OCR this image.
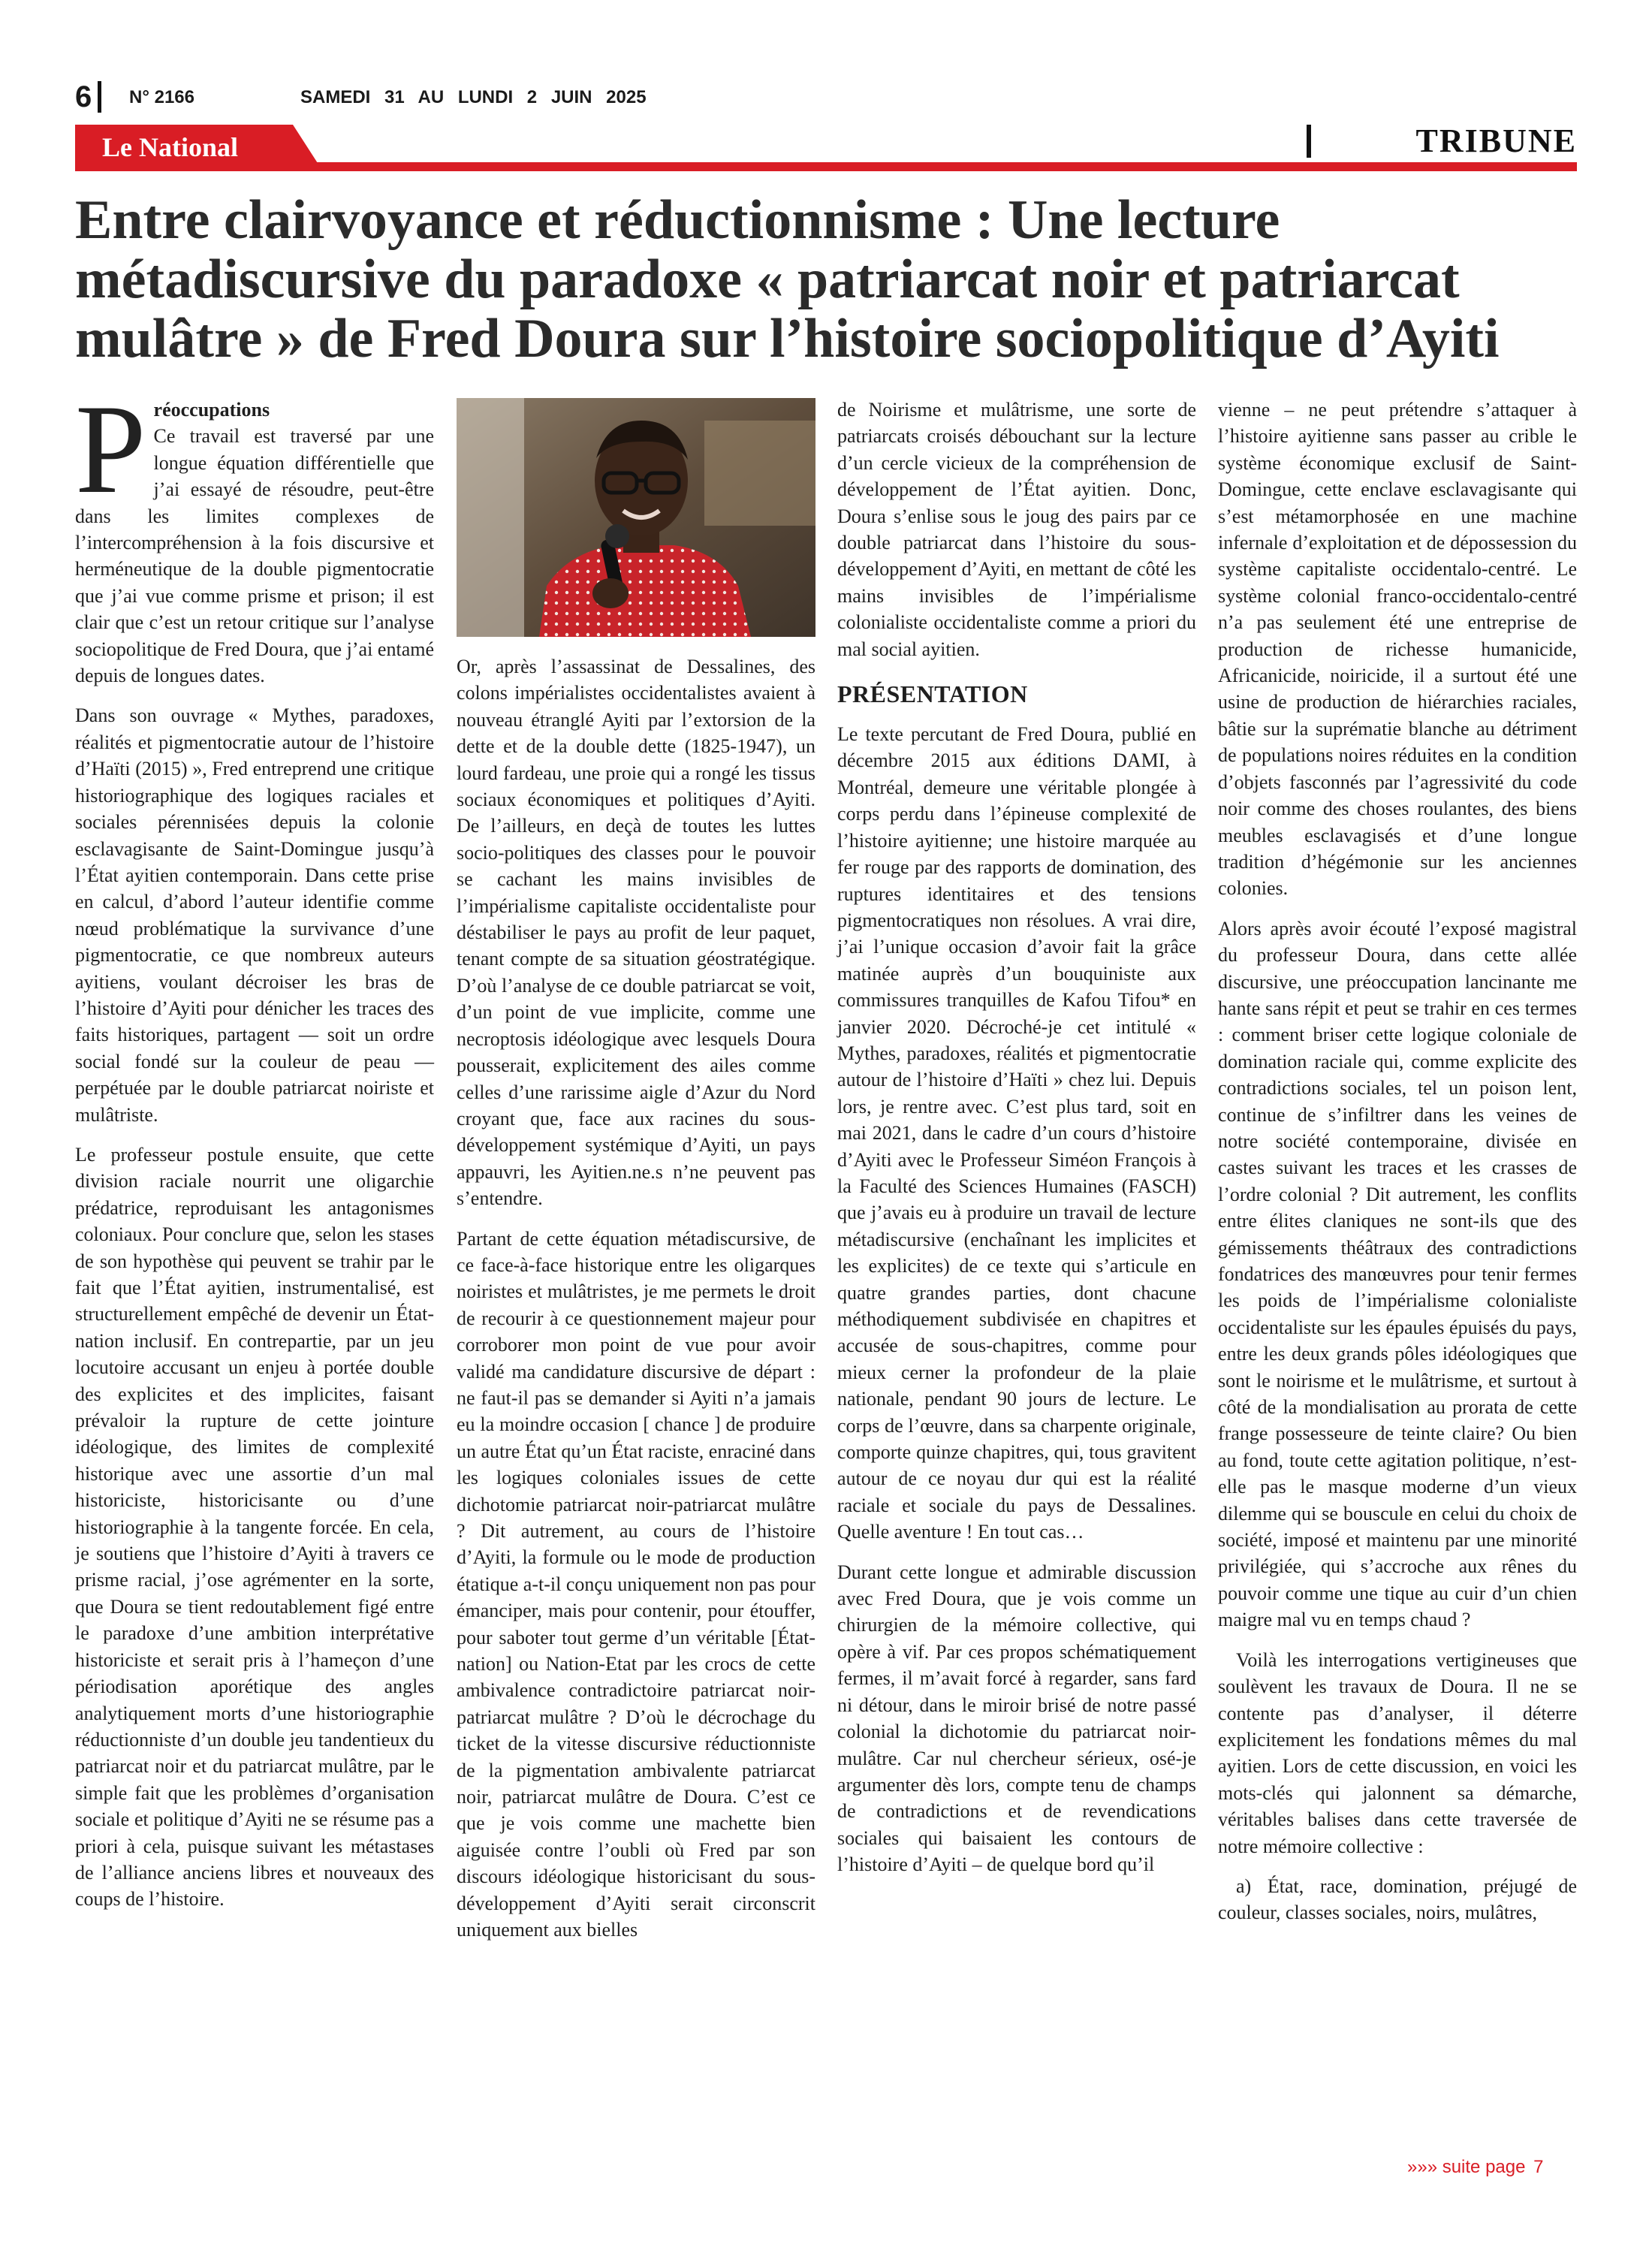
6 N° 2166	SAMEDI 31 AU LUNDI 2 JUIN 2025
Le National	TRIBUNE
Entre clairvoyance et réductionnisme : Une lecture métadiscursive du paradoxe « patriarcat noir et patriarcat mulâtre » de Fred Doura sur l’histoire sociopolitique d’Ayiti

P réoccupations
Ce travail est traversé par une longue équation différentielle que j’ai essayé de résoudre, peut-être dans les limites complexes de l’intercompréhension à la fois discursive et herméneutique de la double pigmentocratie que j’ai vue comme prisme et prison; il est clair que c’est un retour critique sur l’analyse sociopolitique de Fred Doura, que j’ai entamé depuis de longues dates.

Dans son ouvrage « Mythes, paradoxes, réalités et pigmentocratie autour de l’histoire d’Haïti (2015) », Fred entreprend une critique historiographique des logiques raciales et sociales pérennisées depuis la colonie esclavagisante de Saint-Domingue jusqu’à l’État ayitien contemporain. Dans cette prise en calcul, d’abord l’auteur identifie comme nœud problématique la survivance d’une pigmentocratie, ce que nombreux auteurs ayitiens, voulant décroiser les bras de l’histoire d’Ayiti pour dénicher les traces des faits historiques, partagent — soit un ordre social fondé sur la couleur de peau — perpétuée par le double patriarcat noiriste et mulâtriste.

Le professeur postule ensuite, que cette division raciale nourrit une oligarchie prédatrice, reproduisant les antagonismes coloniaux. Pour conclure que, selon les stases de son hypothèse qui peuvent se trahir par le fait que l’État ayitien, instrumentalisé, est structurellement empêché de devenir un État-nation inclusif. En contrepartie, par un jeu locutoire accusant un enjeu à portée double des explicites et des implicites, faisant prévaloir la rupture de cette jointure idéologique, des limites de complexité historique avec une assortie d’un mal historiciste, historicisante ou d’une historiographie à la tangente forcée. En cela, je soutiens que l’histoire d’Ayiti à travers ce prisme racial, j’ose agrémenter en la sorte, que Doura se tient redoutablement figé entre le paradoxe d’une ambition interprétative historiciste et serait pris à l’hameçon d’une périodisation aporétique des angles analytiquement morts d’une historiographie réductionniste d’un double jeu tandentieux du patriarcat noir et du patriarcat mulâtre, par le simple fait que les problèmes d’organisation sociale et politique d’Ayiti ne se résume pas a priori à cela, puisque suivant les métastases de l’alliance anciens libres et nouveaux des coups de l’histoire.

Or, après l’assassinat de Dessalines, des colons impérialistes occidentalistes avaient à nouveau étranglé Ayiti par l’extorsion de la dette et de la double dette (1825-1947), un lourd fardeau, une proie qui a rongé les tissus sociaux économiques et politiques d’Ayiti. De l’ailleurs, en deçà de toutes les luttes socio-politiques des classes pour le pouvoir se cachant les mains invisibles de l’impérialisme capitaliste occidentaliste pour déstabiliser le pays au profit de leur paquet, tenant compte de sa situation géostratégique. D’où l’analyse de ce double patriarcat se voit, d’un point de vue implicite, comme une necroptosis idéologique avec lesquels Doura pousserait, explicitement des ailes comme celles d’une rarissime aigle d’Azur du Nord croyant que, face aux racines du sous-développement systémique d’Ayiti, un pays appauvri, les Ayitien.ne.s n’ne peuvent pas s’entendre.

Partant de cette équation métadiscursive, de ce face-à-face historique entre les oligarques noiristes et mulâtristes, je me permets le droit de recourir à ce questionnement majeur pour corroborer mon point de vue pour avoir validé ma candidature discursive de départ : ne faut-il pas se demander si Ayiti n’a jamais eu la moindre occasion [ chance ] de produire un autre État qu’un État raciste, enraciné dans les logiques coloniales issues de cette dichotomie patriarcat noir-patriarcat mulâtre ? Dit autrement, au cours de l’histoire d’Ayiti, la formule ou le mode de production étatique a-t-il conçu uniquement non pas pour émanciper, mais pour contenir, pour étouffer, pour saboter tout germe d’un véritable [État-nation] ou Nation-Etat par les crocs de cette ambivalence contradictoire patriarcat noir-patriarcat mulâtre ? D’où le décrochage du ticket de la vitesse discursive réductionniste de la pigmentation ambivalente patriarcat noir, patriarcat mulâtre de Doura. C’est ce que je vois comme une machette bien aiguisée contre l’oubli où Fred par son discours idéologique historicisant du sous-développement d’Ayiti serait circonscrit uniquement aux bielles

de Noirisme et mulâtrisme, une sorte de patriarcats croisés débouchant sur la lecture d’un cercle vicieux de la compréhension de développement de l’État ayitien. Donc, Doura s’enlise sous le joug des pairs par ce double patriarcat dans l’histoire du sous-développement d’Ayiti, en mettant de côté les mains invisibles de l’impérialisme colonialiste occidentaliste comme a priori du mal social ayitien.

PRÉSENTATION

Le texte percutant de Fred Doura, publié en décembre 2015 aux éditions DAMI, à Montréal, demeure une véritable plongée à corps perdu dans l’épineuse complexité de l’histoire ayitienne; une histoire marquée au fer rouge par des rapports de domination, des ruptures identitaires et des tensions pigmentocratiques non résolues. A vrai dire, j’ai l’unique occasion d’avoir fait la grâce matinée auprès d’un bouquiniste aux commissures tranquilles de Kafou Tifou* en janvier 2020. Décroché-je cet intitulé « Mythes, paradoxes, réalités et pigmentocratie autour de l’histoire d’Haïti » chez lui. Depuis lors, je rentre avec. C’est plus tard, soit en mai 2021, dans le cadre d’un cours d’histoire d’Ayiti avec le Professeur Siméon François à la Faculté des Sciences Humaines (FASCH) que j’avais eu à produire un travail de lecture métadiscursive (enchaînant les implicites et les explicites) de ce texte qui s’articule en quatre grandes parties, dont chacune méthodiquement subdivisée en chapitres et accusée de sous-chapitres, comme pour mieux cerner la profondeur de la plaie nationale, pendant 90 jours de lecture. Le corps de l’œuvre, dans sa charpente originale, comporte quinze chapitres, qui, tous gravitent autour de ce noyau dur qui est la réalité raciale et sociale du pays de Dessalines. Quelle aventure ! En tout cas…

Durant cette longue et admirable discussion avec Fred Doura, que je vois comme un chirurgien de la mémoire collective, qui opère à vif. Par ces propos schématiquement fermes, il m’avait forcé à regarder, sans fard ni détour, dans le miroir brisé de notre passé colonial la dichotomie du patriarcat noir-mulâtre. Car nul chercheur sérieux, osé-je argumenter dès lors, compte tenu de champs de contradictions et de revendications sociales qui baisaient les contours de l’histoire d’Ayiti – de quelque bord qu’il

vienne – ne peut prétendre s’attaquer à l’histoire ayitienne sans passer au crible le système économique exclusif de Saint-Domingue, cette enclave esclavagisante qui s’est métamorphosée en une machine infernale d’exploitation et de dépossession du système capitaliste occidentalo-centré. Le système colonial franco-occidentalo-centré n’a pas seulement été une entreprise de production de richesse humanicide, Africanicide, noiricide, il a surtout été une usine de production de hiérarchies raciales, bâtie sur la suprématie blanche au détriment de populations noires réduites en la condition d’objets fasconnés par l’agressivité du code noir comme des choses roulantes, des biens meubles esclavagisés et d’une longue tradition d’hégémonie sur les anciennes colonies.

Alors après avoir écouté l’exposé magistral du professeur Doura, dans cette allée discursive, une préoccupation lancinante me hante sans répit et peut se trahir en ces termes : comment briser cette logique coloniale de domination raciale qui, comme explicite des contradictions sociales, tel un poison lent, continue de s’infiltrer dans les veines de notre société contemporaine, divisée en castes suivant les traces et les crasses de l’ordre colonial ? Dit autrement, les conflits entre élites claniques ne sont-ils que des gémissements théâtraux des contradictions fondatrices des manœuvres pour tenir fermes les poids de l’impérialisme colonialiste occidentaliste sur les épaules épuisés du pays, entre les deux grands pôles idéologiques que sont le noirisme et le mulâtrisme, et surtout à côté de la mondialisation au prorata de cette frange possesseure de teinte claire? Ou bien au fond, toute cette agitation politique, n’est-elle pas le masque moderne d’un vieux dilemme qui se bouscule en celui du choix de société, imposé et maintenu par une minorité privilégiée, qui s’accroche aux rênes du pouvoir comme une tique au cuir d’un chien maigre mal vu en temps chaud ?

Voilà les interrogations vertigineuses que soulèvent les travaux de Doura. Il ne se contente pas d’analyser, il déterre explicitement les fondations mêmes du mal ayitien. Lors de cette discussion, en voici les mots-clés qui jalonnent sa démarche, véritables balises dans cette traversée de notre mémoire collective :

a) État, race, domination, préjugé de couleur, classes sociales, noirs, mulâtres,

»»» suite page 7
